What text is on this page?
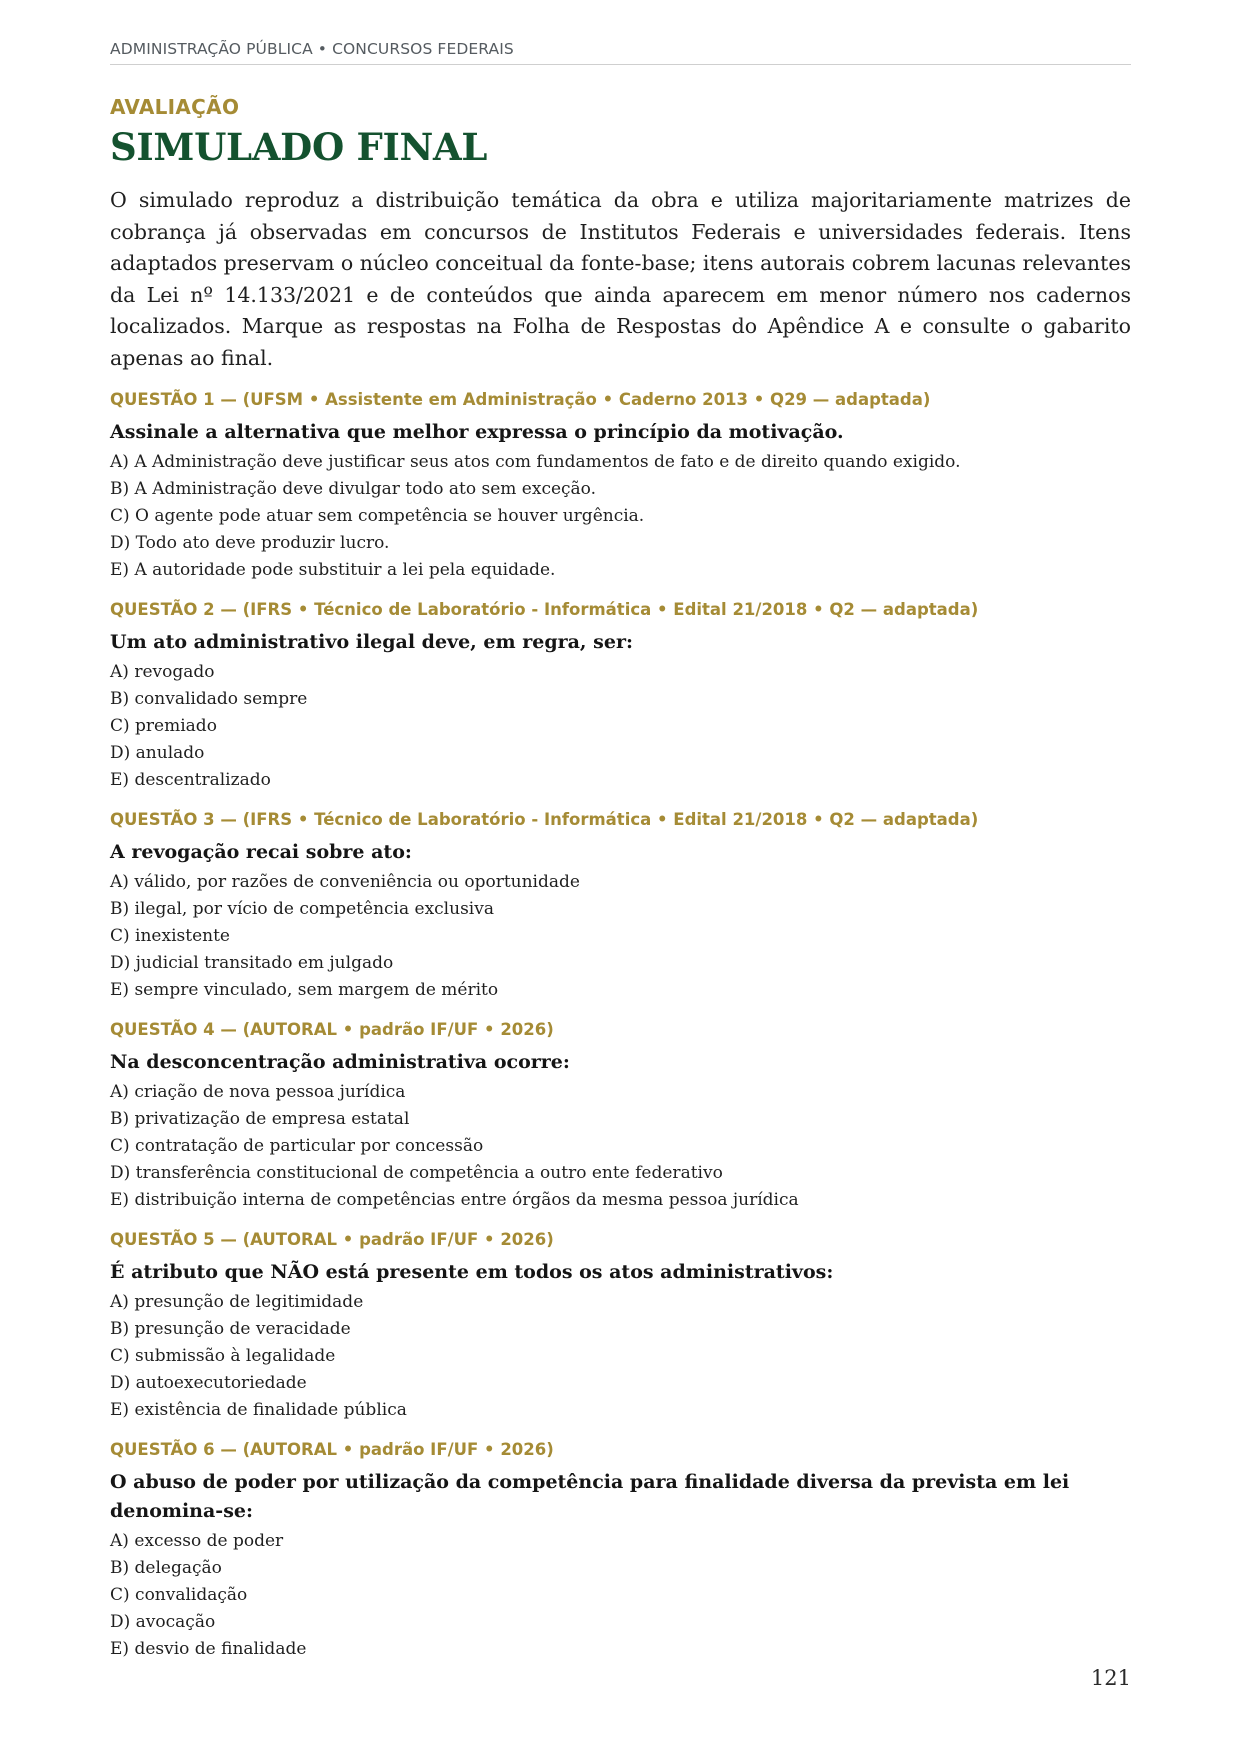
ADMINISTRAÇÃO PÚBLICA • CONCURSOS FEDERAIS
AVALIAÇÃO
SIMULADO FINAL

O simulado reproduz a distribuição temática da obra e utiliza majoritariamente matrizes de cobrança já observadas em concursos de Institutos Federais e universidades federais. Itens adaptados preservam o núcleo conceitual da fonte-base; itens autorais cobrem lacunas relevantes da Lei nº 14.133/2021 e de conteúdos que ainda aparecem em menor número nos cadernos localizados. Marque as respostas na Folha de Respostas do Apêndice A e consulte o gabarito apenas ao final.

QUESTÃO 1 — (UFSM • Assistente em Administração • Caderno 2013 • Q29 — adaptada)
Assinale a alternativa que melhor expressa o princípio da motivação.
A) A Administração deve justificar seus atos com fundamentos de fato e de direito quando exigido.
B) A Administração deve divulgar todo ato sem exceção.
C) O agente pode atuar sem competência se houver urgência.
D) Todo ato deve produzir lucro.
E) A autoridade pode substituir a lei pela equidade.
QUESTÃO 2 — (IFRS • Técnico de Laboratório - Informática • Edital 21/2018 • Q2 — adaptada)
Um ato administrativo ilegal deve, em regra, ser:
A) revogado
B) convalidado sempre
C) premiado
D) anulado
E) descentralizado
QUESTÃO 3 — (IFRS • Técnico de Laboratório - Informática • Edital 21/2018 • Q2 — adaptada)
A revogação recai sobre ato:
A) válido, por razões de conveniência ou oportunidade
B) ilegal, por vício de competência exclusiva
C) inexistente
D) judicial transitado em julgado
E) sempre vinculado, sem margem de mérito
QUESTÃO 4 — (AUTORAL • padrão IF/UF • 2026)
Na desconcentração administrativa ocorre:
A) criação de nova pessoa jurídica
B) privatização de empresa estatal
C) contratação de particular por concessão
D) transferência constitucional de competência a outro ente federativo
E) distribuição interna de competências entre órgãos da mesma pessoa jurídica
QUESTÃO 5 — (AUTORAL • padrão IF/UF • 2026)
É atributo que NÃO está presente em todos os atos administrativos:
A) presunção de legitimidade
B) presunção de veracidade
C) submissão à legalidade
D) autoexecutoriedade
E) existência de finalidade pública
QUESTÃO 6 — (AUTORAL • padrão IF/UF • 2026)
O abuso de poder por utilização da competência para finalidade diversa da prevista em lei denomina-se:
A) excesso de poder
B) delegação
C) convalidação
D) avocação
E) desvio de finalidade
121
